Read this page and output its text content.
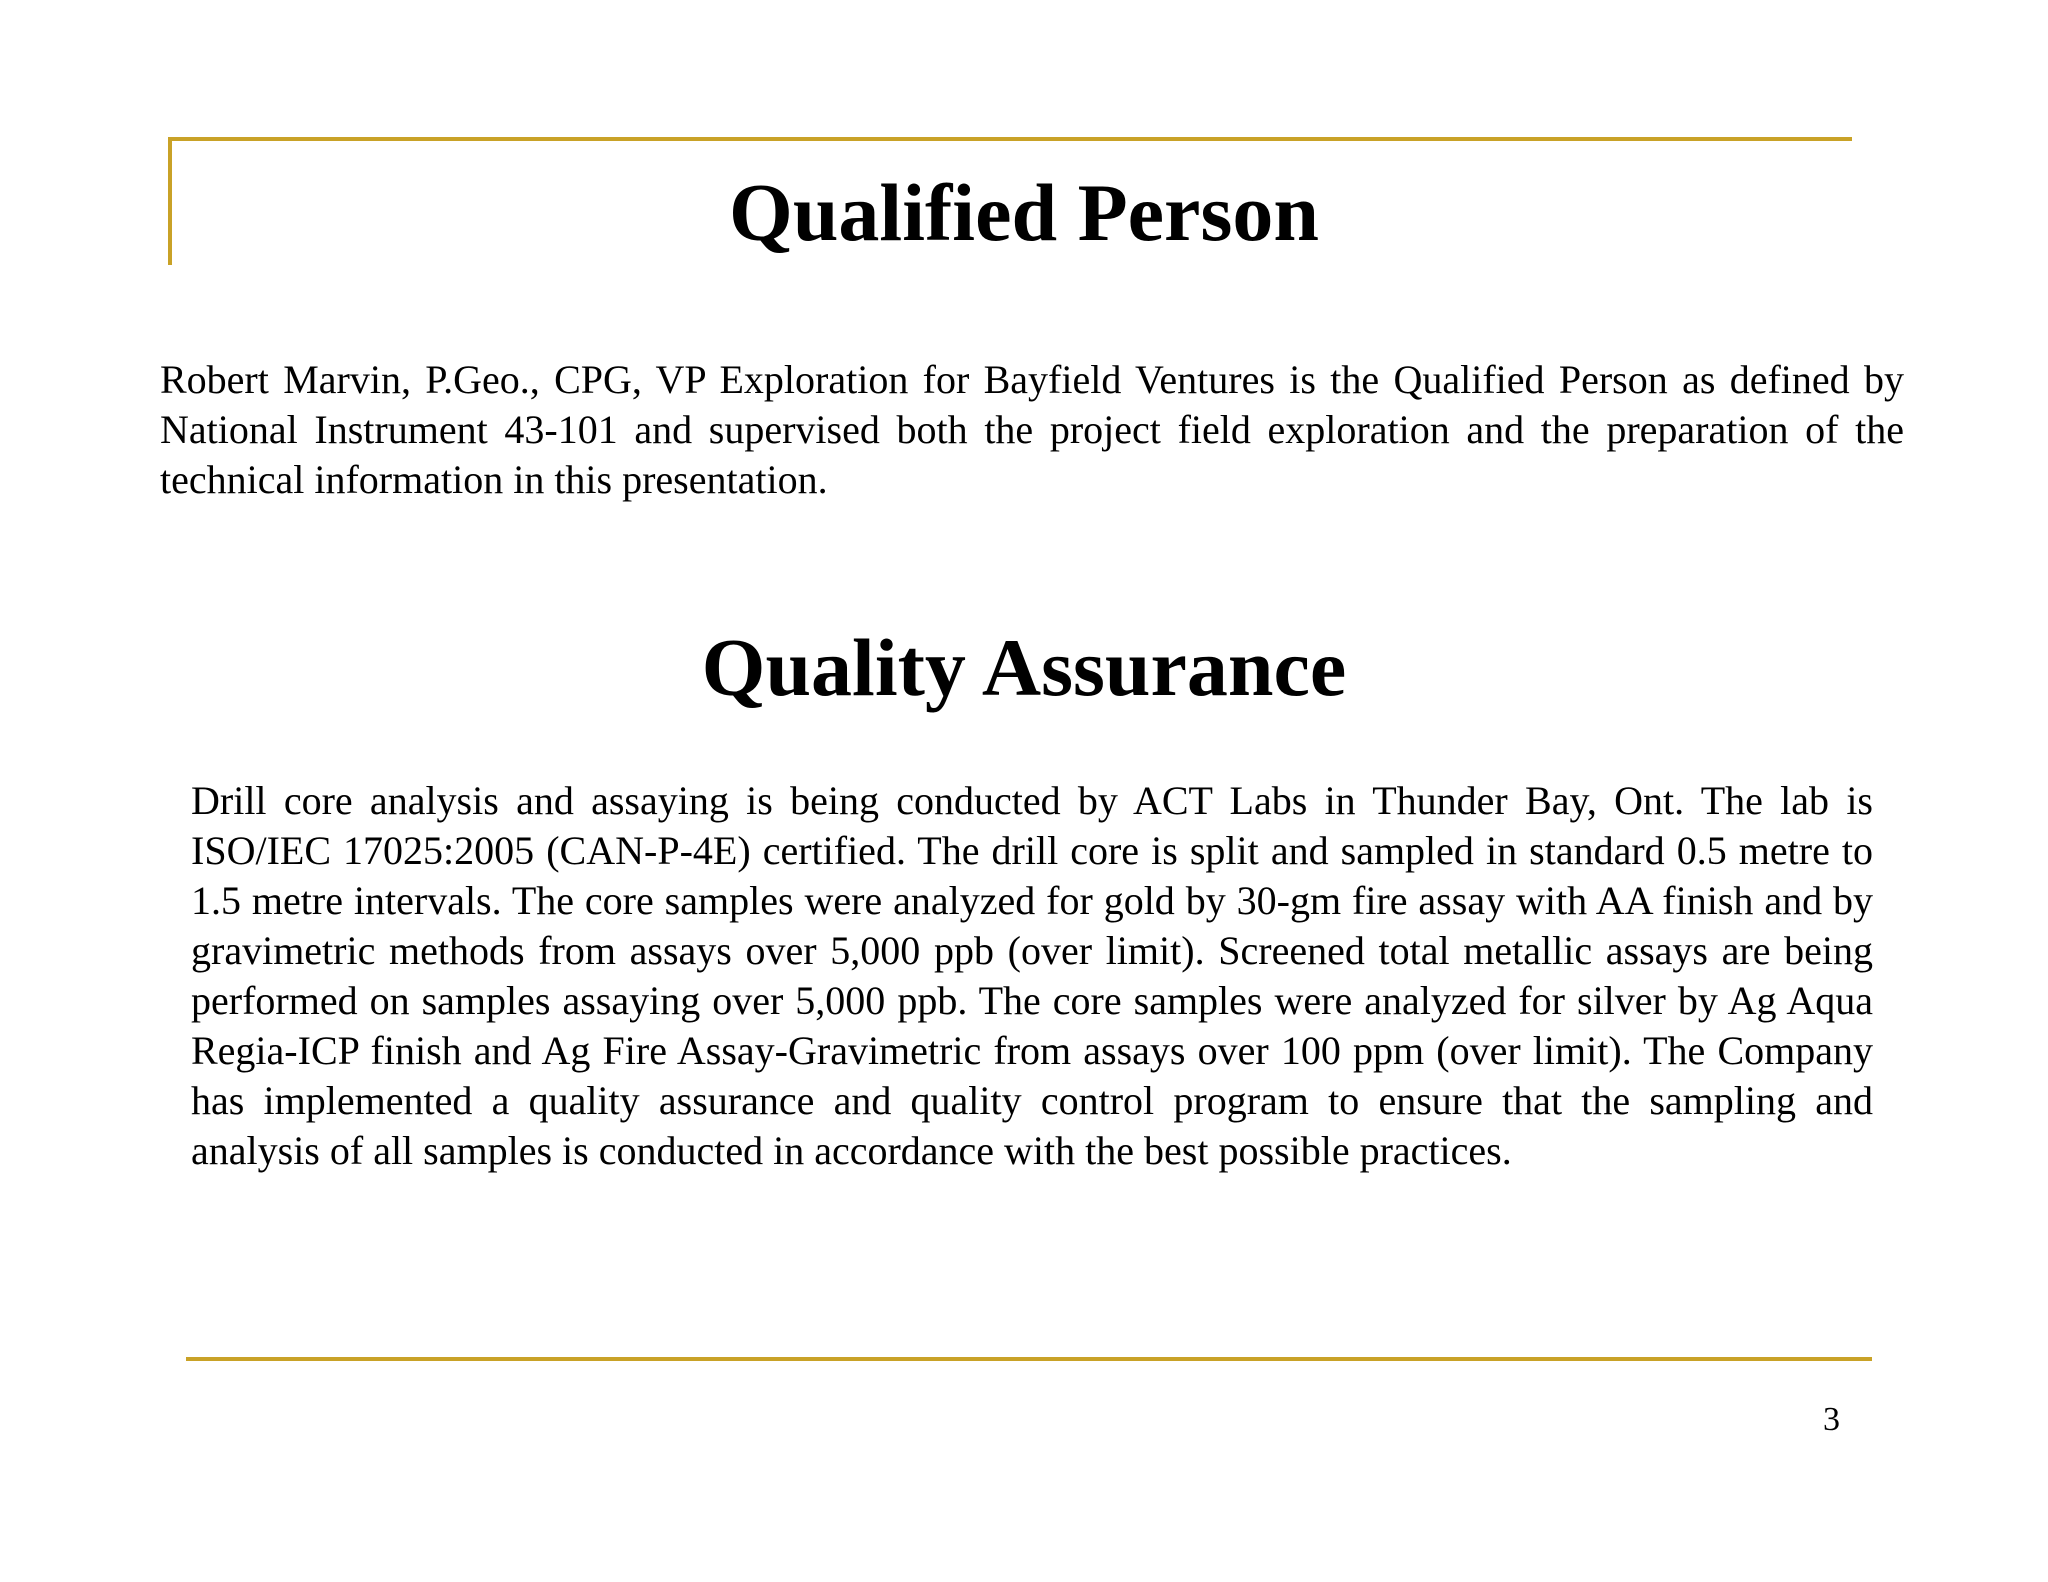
Qualified Person

Robert Marvin, P.Geo., CPG, VP Exploration for Bayfield Ventures is the Qualified Person as defined by National Instrument 43-101 and supervised both the project field exploration and the preparation of the technical information in this presentation.

Quality Assurance

Drill core analysis and assaying is being conducted by ACT Labs in Thunder Bay, Ont. The lab is ISO/IEC 17025:2005 (CAN-P-4E) certified. The drill core is split and sampled in standard 0.5 metre to 1.5 metre intervals. The core samples were analyzed for gold by 30-gm fire assay with AA finish and by gravimetric methods from assays over 5,000 ppb (over limit). Screened total metallic assays are being performed on samples assaying over 5,000 ppb. The core samples were analyzed for silver by Ag Aqua Regia-ICP finish and Ag Fire Assay-Gravimetric from assays over 100 ppm (over limit). The Company has implemented a quality assurance and quality control program to ensure that the sampling and analysis of all samples is conducted in accordance with the best possible practices.

3
